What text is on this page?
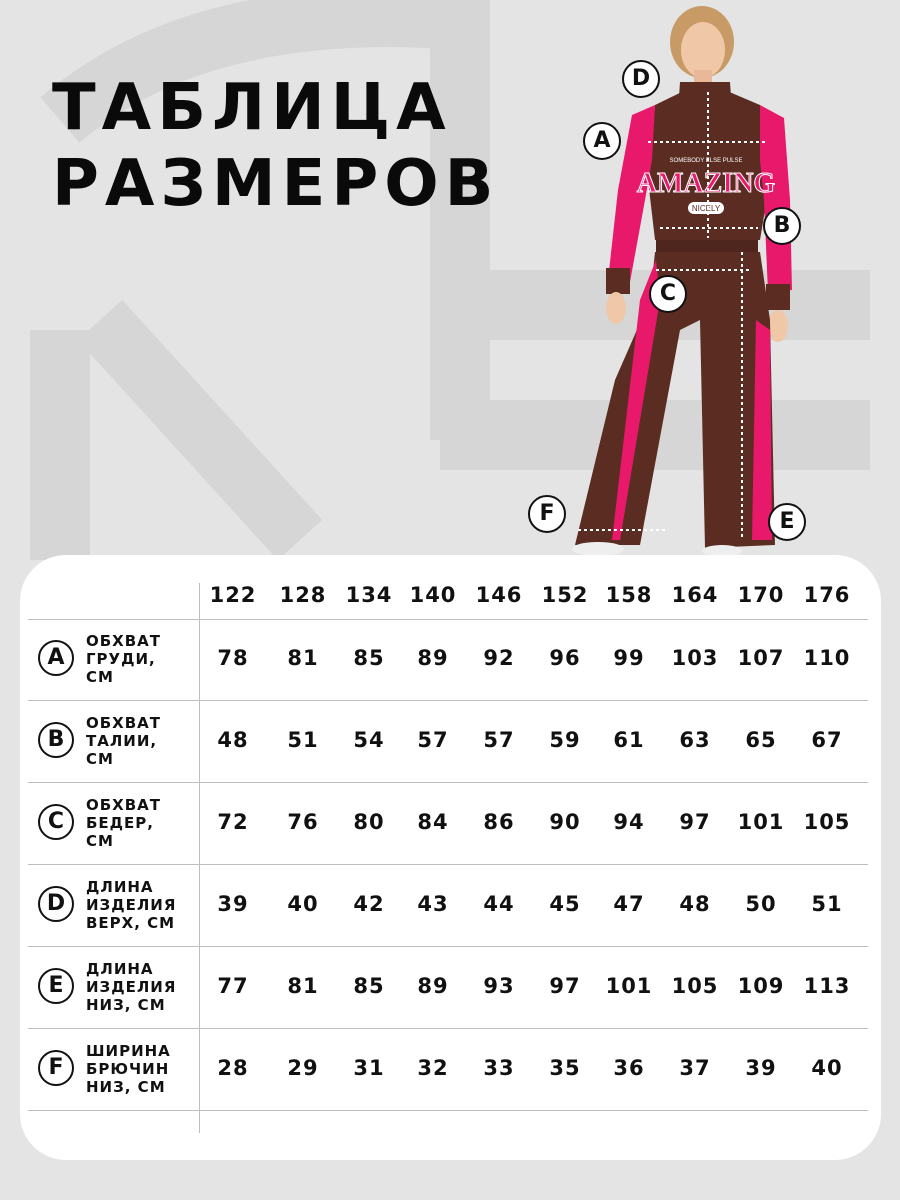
ТАБЛИЦА
РАЗМЕРОВ	SOMEBODY ELSE PULSE
AMAZING
NICELY
D
A
B
C
F	E
122	128 134 140 146 152 158 164 170 176
A
ОБХВАТ
ГРУДИ,
СМ
78	81	85	89	92	96	99	103 107 110
B
ОБХВАТ
ТАЛИИ,
СМ
48	51	54	57	57	59	61	63	65	67
C
ОБХВАТ
БЕДЕР,
СМ
72	76	80	84	86	90	94	97	101 105
D
ДЛИНА
ИЗДЕЛИЯ
ВЕРХ, СМ
39	40	42	43	44	45	47	48	50	51
E
ДЛИНА
ИЗДЕЛИЯ
НИЗ, СМ
77	81	85	89	93	97	101 105 109 113
F
ШИРИНА
БРЮЧИН
НИЗ, СМ
28	29	31	32	33	35	36	37	39	40
